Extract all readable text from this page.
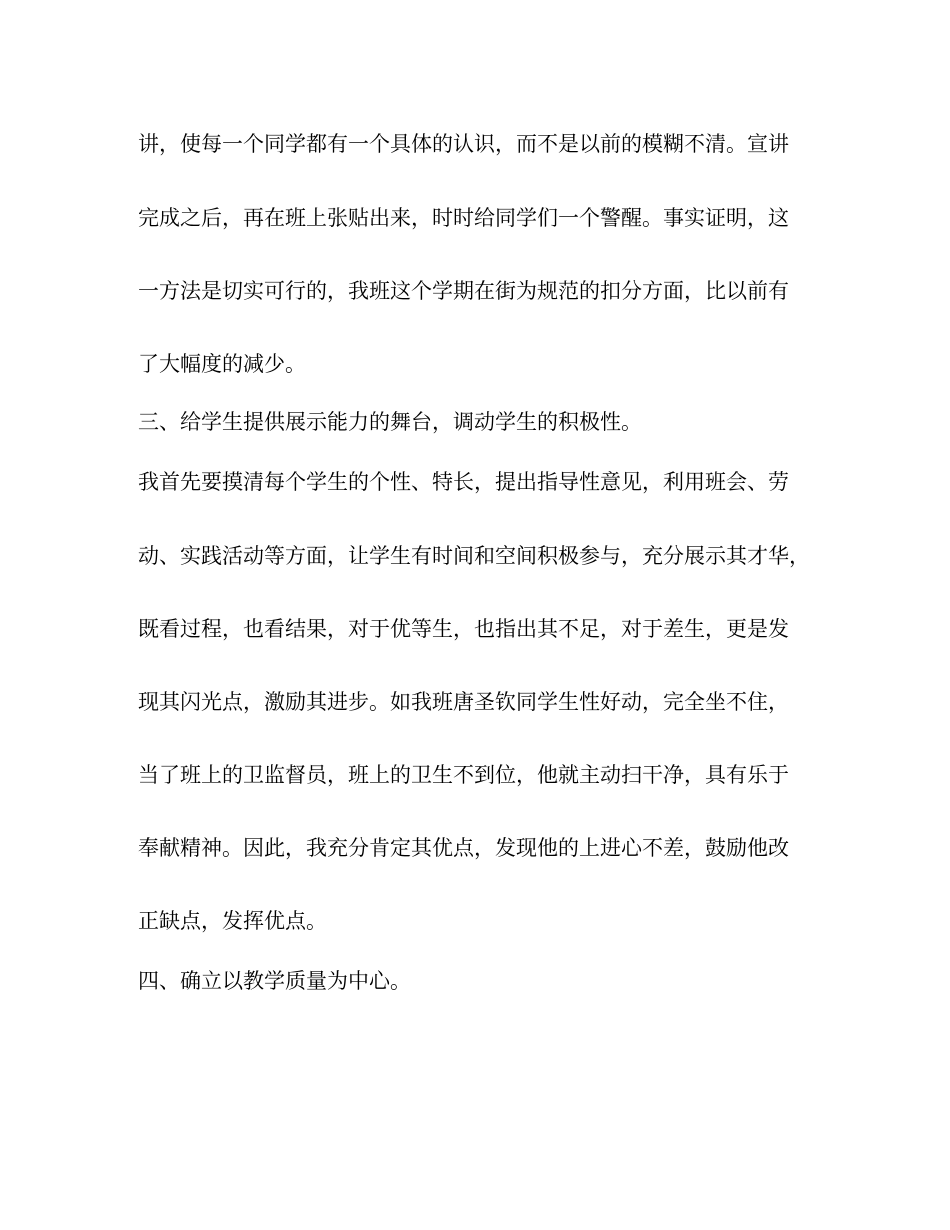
讲，使每一个同学都有一个具体的认识，而不是以前的模糊不清。宣讲

完成之后，再在班上张贴出来，时时给同学们一个警醒。事实证明，这

一方法是切实可行的，我班这个学期在街为规范的扣分方面，比以前有

了大幅度的减少。

三、给学生提供展示能力的舞台，调动学生的积极性。

我首先要摸清每个学生的个性、特长，提出指导性意见，利用班会、劳

动、实践活动等方面，让学生有时间和空间积极参与，充分展示其才华，

既看过程，也看结果，对于优等生，也指出其不足，对于差生，更是发

现其闪光点，激励其进步。如我班唐圣钦同学生性好动，完全坐不住，

当了班上的卫监督员，班上的卫生不到位，他就主动扫干净，具有乐于

奉献精神。因此，我充分肯定其优点，发现他的上进心不差，鼓励他改

正缺点，发挥优点。

四、确立以教学质量为中心。
